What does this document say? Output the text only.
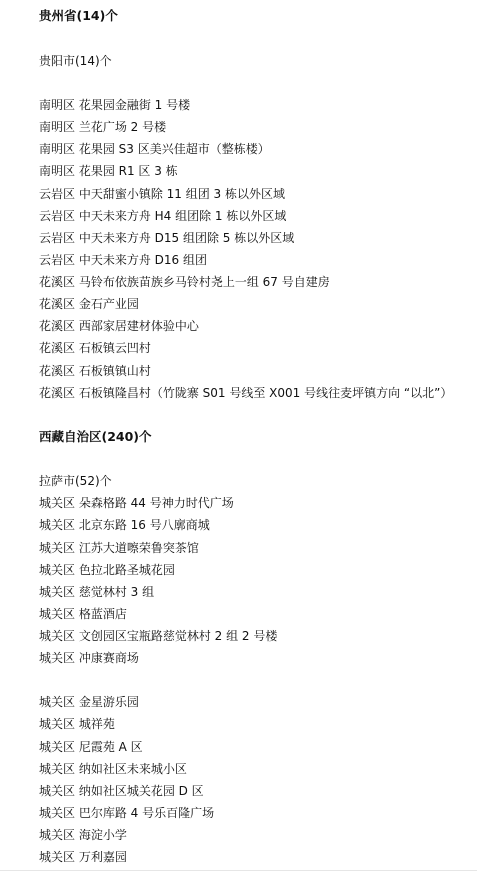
贵州省(14)个
贵阳市(14)个
南明区 花果园金融街 1 号楼
南明区 兰花广场 2 号楼
南明区 花果园 S3 区美兴佳超市（整栋楼）
南明区 花果园 R1 区 3 栋
云岩区 中天甜蜜小镇除 11 组团 3 栋以外区域
云岩区 中天未来方舟 H4 组团除 1 栋以外区域
云岩区 中天未来方舟 D15 组团除 5 栋以外区域
云岩区 中天未来方舟 D16 组团
花溪区 马铃布依族苗族乡马铃村尧上一组 67 号自建房
花溪区 金石产业园
花溪区 西部家居建材体验中心
花溪区 石板镇云凹村
花溪区 石板镇镇山村
花溪区 石板镇隆昌村（竹陇寨 S01 号线至 X001 号线往麦坪镇方向 “以北”）
西藏自治区(240)个
拉萨市(52)个
城关区 朵森格路 44 号神力时代广场
城关区 北京东路 16 号八廓商城
城关区 江苏大道嚓荣鲁突茶馆
城关区 色拉北路圣城花园
城关区 慈觉林村 3 组
城关区 格蓝酒店
城关区 文创园区宝瓶路慈觉林村 2 组 2 号楼
城关区 冲康赛商场
城关区 金星游乐园
城关区 城祥苑
城关区 尼霞苑 A 区
城关区 纳如社区未来城小区
城关区 纳如社区城关花园 D 区
城关区 巴尔库路 4 号乐百隆广场
城关区 海淀小学
城关区 万利嘉园
